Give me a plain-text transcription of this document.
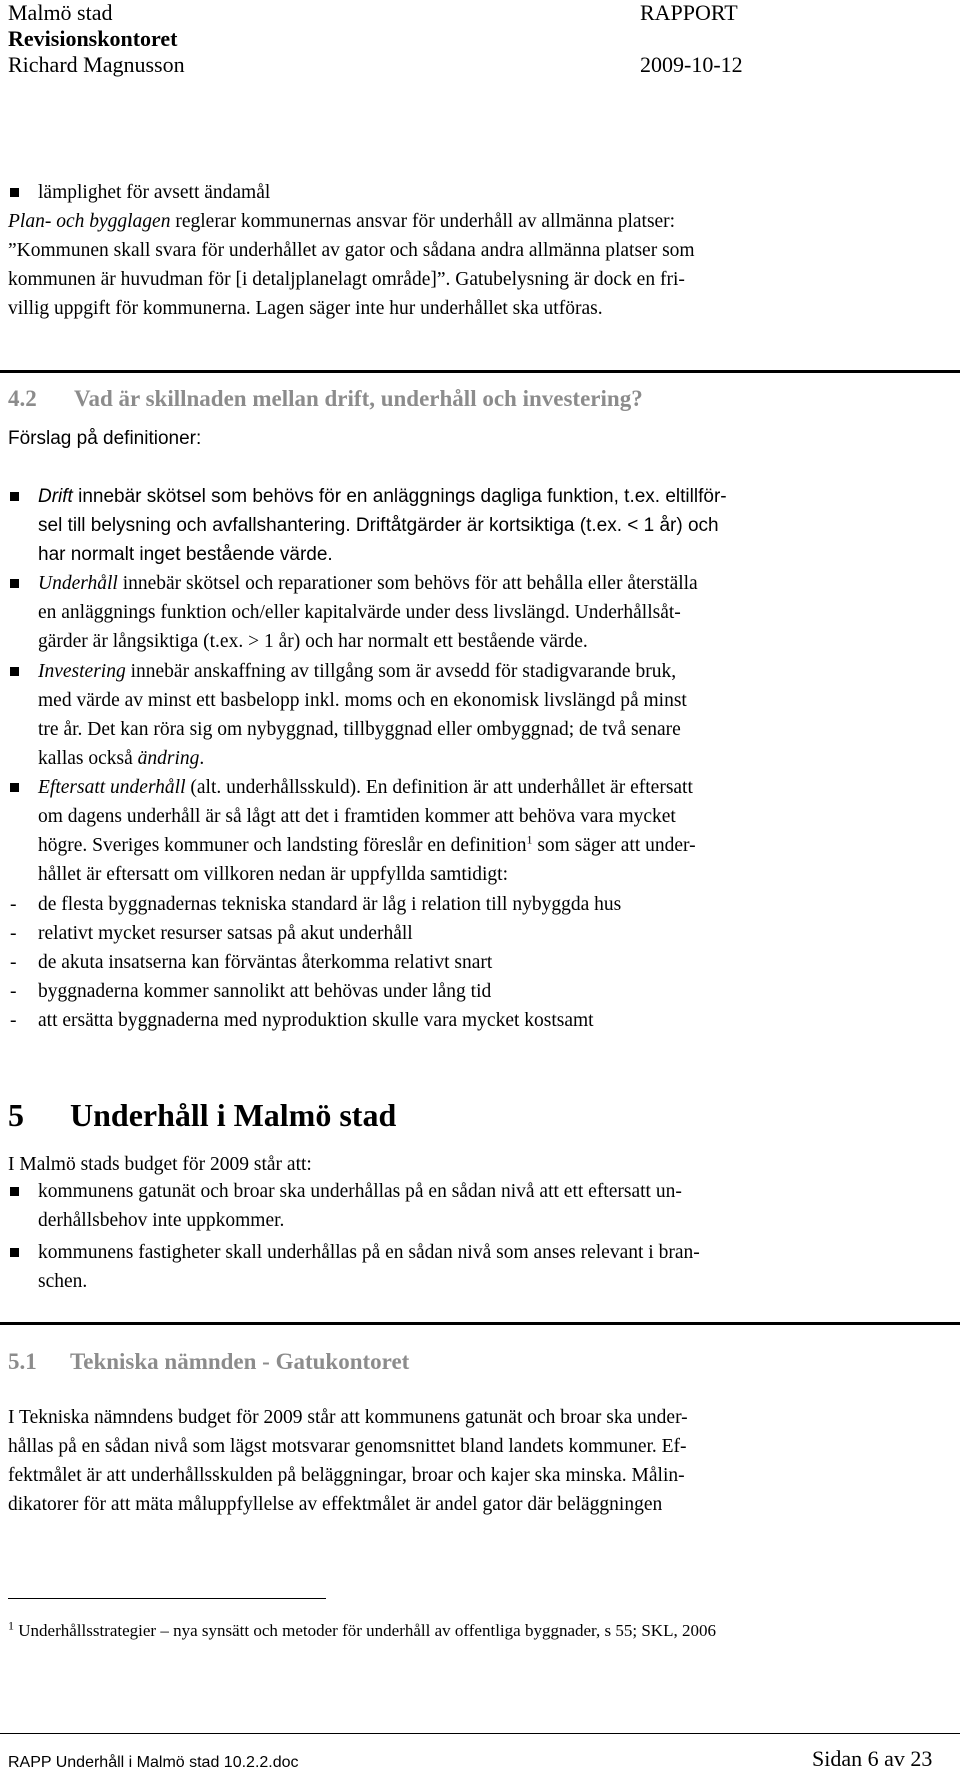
Malmö stad
Revisionskontoret
Richard Magnusson
RAPPORT
2009-10-12
lämplighet för avsett ändamål
Plan- och bygglagen reglerar kommunernas ansvar för underhåll av allmänna platser:
”Kommunen skall svara för underhållet av gator och sådana andra allmänna platser som
kommunen är huvudman för [i detaljplanelagt område]”. Gatubelysning är dock en fri-
villig uppgift för kommunerna. Lagen säger inte hur underhållet ska utföras.
4.2 Vad är skillnaden mellan drift, underhåll och investering?
Förslag på definitioner:
Drift innebär skötsel som behövs för en anläggnings dagliga funktion, t.ex. eltillför-
sel till belysning och avfallshantering. Driftåtgärder är kortsiktiga (t.ex. < 1 år) och
har normalt inget bestående värde.
Underhåll innebär skötsel och reparationer som behövs för att behålla eller återställa
en anläggnings funktion och/eller kapitalvärde under dess livslängd. Underhållsåt-
gärder är långsiktiga (t.ex. > 1 år) och har normalt ett bestående värde.
Investering innebär anskaffning av tillgång som är avsedd för stadigvarande bruk,
med värde av minst ett basbelopp inkl. moms och en ekonomisk livslängd på minst
tre år. Det kan röra sig om nybyggnad, tillbyggnad eller ombyggnad; de två senare
kallas också ändring.
Eftersatt underhåll (alt. underhållsskuld). En definition är att underhållet är eftersatt
om dagens underhåll är så lågt att det i framtiden kommer att behöva vara mycket
högre. Sveriges kommuner och landsting föreslår en definition$^1$ som säger att under-
hållet är eftersatt om villkoren nedan är uppfyllda samtidigt:
- de flesta byggnadernas tekniska standard är låg i relation till nybyggda hus
- relativt mycket resurser satsas på akut underhåll
- de akuta insatserna kan förväntas återkomma relativt snart
- byggnaderna kommer sannolikt att behövas under lång tid
- att ersätta byggnaderna med nyproduktion skulle vara mycket kostsamt
5 Underhåll i Malmö stad
I Malmö stads budget för 2009 står att:
kommunens gatunät och broar ska underhållas på en sådan nivå att ett eftersatt un-
derhållsbehov inte uppkommer.
kommunens fastigheter skall underhållas på en sådan nivå som anses relevant i bran-
schen.
5.1 Tekniska nämnden - Gatukontoret
I Tekniska nämndens budget för 2009 står att kommunens gatunät och broar ska under-
hållas på en sådan nivå som lägst motsvarar genomsnittet bland landets kommuner. Ef-
fektmålet är att underhållsskulden på beläggningar, broar och kajer ska minska. Målin-
dikatorer för att mäta måluppfyllelse av effektmålet är andel gator där beläggningen
$^1$ Underhållsstrategier – nya synsätt och metoder för underhåll av offentliga byggnader, s 55; SKL, 2006
RAPP Underhåll i Malmö stad 10.2.2.doc	Sidan 6 av 23
